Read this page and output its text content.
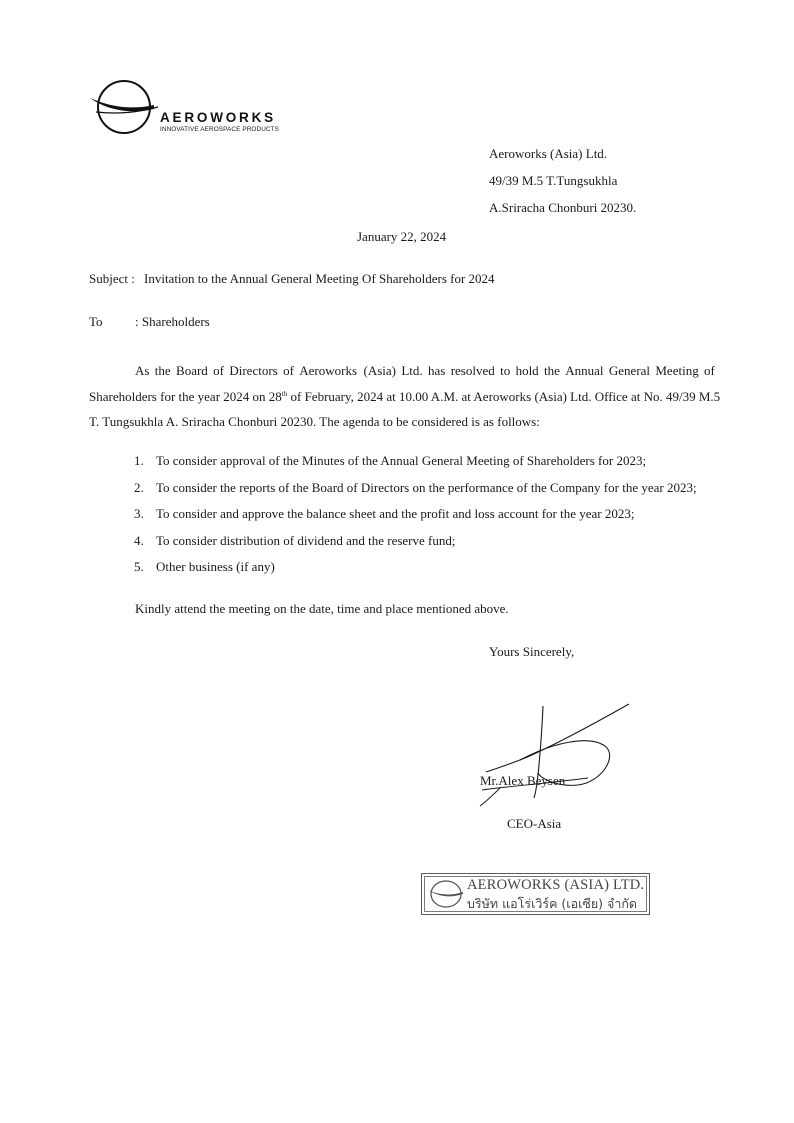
AEROWORKS
INNOVATIVE AEROSPACE PRODUCTS
Aeroworks (Asia) Ltd.
49/39 M.5 T.Tungsukhla
A.Sriracha Chonburi 20230.
January 22, 2024
Subject : Invitation to the Annual General Meeting Of Shareholders for 2024
To : Shareholders
As the Board of Directors of Aeroworks  (Asia) Ltd. has resolved to hold the Annual General Meeting of
Shareholders for the year 2024 on 28th of February, 2024 at 10.00 A.M. at Aeroworks (Asia) Ltd. Office at No. 49/39 M.5
T. Tungsukhla A. Sriracha Chonburi 20230. The agenda to be considered is as follows:
1. To consider approval of the Minutes of the Annual General Meeting of Shareholders for 2023;
2. To consider the reports of the Board of Directors on the performance of the Company for the year 2023;
3. To consider and approve the balance sheet and the profit and loss account for the year 2023;
4. To consider distribution of dividend and the reserve fund;
5. Other business (if any)
Kindly attend the meeting on the date, time and place mentioned above.
Yours Sincerely,
Mr.Alex Beysen
CEO-Asia
AEROWORKS (ASIA) LTD.
บริษัท แอโร่เวิร์ค (เอเซีย) จำกัด
